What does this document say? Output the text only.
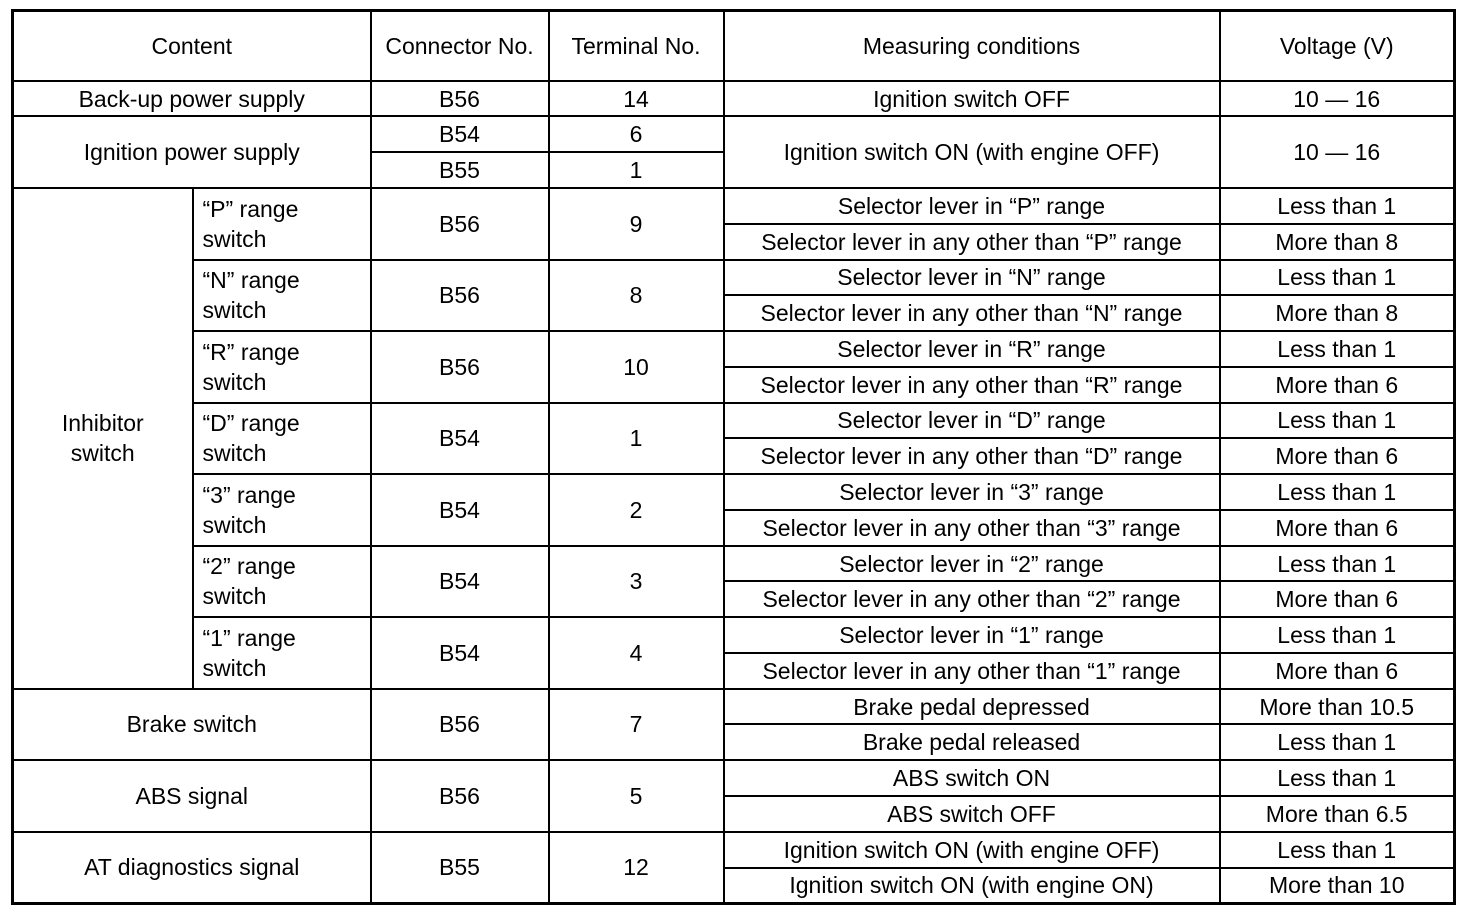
Content		Connector No.	Terminal No.	Measuring conditions	Voltage (V)
Back-up power supply		B56	14	Ignition switch OFF	10 — 16
Ignition power supply		B54	6	Ignition switch ON (with engine OFF)	10 — 16
		B55	1		
Inhibitor switch	“P” range switch	B56	9	Selector lever in “P” range	Less than 1
				Selector lever in any other than “P” range	More than 8
	“N” range switch	B56	8	Selector lever in “N” range	Less than 1
				Selector lever in any other than “N” range	More than 8
	“R” range switch	B56	10	Selector lever in “R” range	Less than 1
				Selector lever in any other than “R” range	More than 6
	“D” range switch	B54	1	Selector lever in “D” range	Less than 1
				Selector lever in any other than “D” range	More than 6
	“3” range switch	B54	2	Selector lever in “3” range	Less than 1
				Selector lever in any other than “3” range	More than 6
	“2” range switch	B54	3	Selector lever in “2” range	Less than 1
				Selector lever in any other than “2” range	More than 6
	“1” range switch	B54	4	Selector lever in “1” range	Less than 1
				Selector lever in any other than “1” range	More than 6
Brake switch		B56	7	Brake pedal depressed	More than 10.5
				Brake pedal released	Less than 1
ABS signal		B56	5	ABS switch ON	Less than 1
				ABS switch OFF	More than 6.5
AT diagnostics signal		B55	12	Ignition switch ON (with engine OFF)	Less than 1
				Ignition switch ON (with engine ON)	More than 10
